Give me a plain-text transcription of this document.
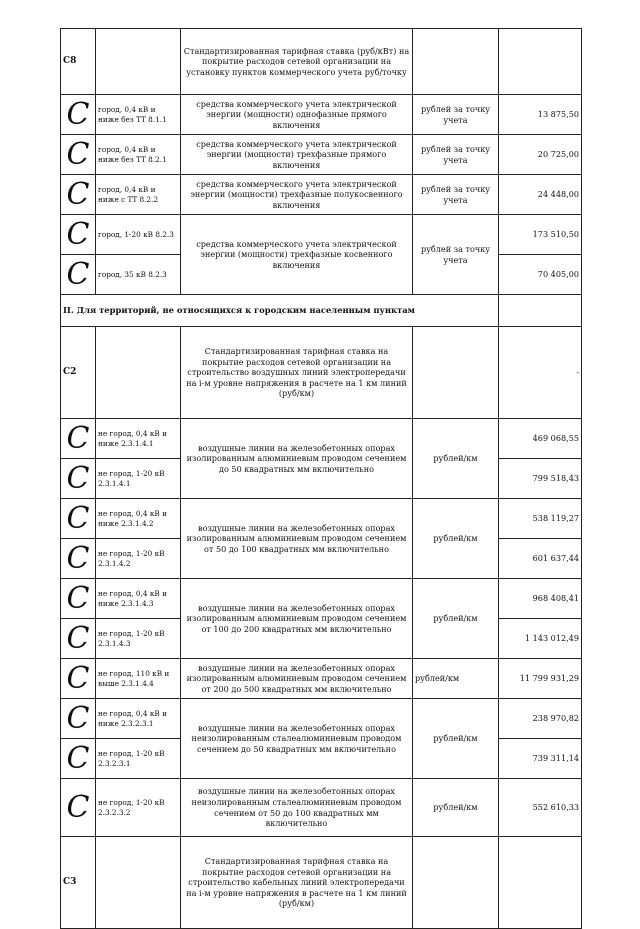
С8		Стандартизированная тарифная ставка (руб/кВт) на покрытие расходов сетевой организации на установку пунктов коммерческого учета руб/точку		
C	город, 0,4 кВ и ниже без ТТ 8.1.1	средства коммерческого учета электрической энергии (мощности) однофазные прямого включения	рублей за точку учета	13 875,50
C	город, 0,4 кВ и ниже без ТТ 8.2.1	средства коммерческого учета электрической энергии (мощности) трехфазные прямого включения	рублей за точку учета	20 725,00
C	город, 0,4 кВ и ниже с ТТ 8.2.2	средства коммерческого учета электрической энергии (мощности) трехфазные полукосвенного включения	рублей за точку учета	24 448,00
C	город, 1-20 кВ 8.2.3	средства коммерческого учета электрической энергии (мощности) трехфазные косвенного включения	рублей за точку учета	173 510,50
C	город, 35 кВ 8.2.3			70 405,00
II. Для территорий, не относящихся к городским населенным пунктам				
С2		Стандартизированная тарифная ставка на покрытие расходов сетевой организации на строительство воздушных линий электропередачи на i-м уровне напряжения в расчете на 1 км линий (руб/км)		-
C	не город, 0,4 кВ и ниже 2.3.1.4.1	воздушные линии на железобетонных опорах изолированным алюминиевым проводом сечением до 50 квадратных мм включительно	рублей/км	469 068,55
C	не город, 1-20 кВ 2.3.1.4.1			799 518,43
C	не город, 0,4 кВ и ниже 2.3.1.4.2	воздушные линии на железобетонных опорах изолированным алюминиевым проводом сечением от 50 до 100 квадратных мм включительно	рублей/км	538 119,27
C	не город, 1-20 кВ 2.3.1.4.2			601 637,44
C	не город, 0,4 кВ и ниже 2.3.1.4.3	воздушные линии на железобетонных опорах изолированным алюминиевым проводом сечением от 100 до 200 квадратных мм включительно	рублей/км	968 408,41
C	не город, 1-20 кВ 2.3.1.4.3			1 143 012,49
C	не город, 110 кВ и выше 2.3.1.4.4	воздушные линии на железобетонных опорах изолированным алюминиевым проводом сечением от 200 до 500 квадратных мм включительно	рублей/км	11 799 931,29
C	не город, 0,4 кВ и ниже 2.3.2.3.1	воздушные линии на железобетонных опорах неизолированным сталеалюминиевым проводом сечением до 50 квадратных мм включительно	рублей/км	238 970,82
C	не город, 1-20 кВ 2.3.2.3.1			739 311,14
C	не город, 1-20 кВ 2.3.2.3.2	воздушные линии на железобетонных опорах неизолированным сталеалюминиевым проводом сечением от 50 до 100 квадратных мм включительно	рублей/км	552 610,33
С3		Стандартизированная тарифная ставка на покрытие расходов сетевой организации на строительство кабельных линий электропередачи на i-м уровне напряжения в расчете на 1 км линий (руб/км)		
